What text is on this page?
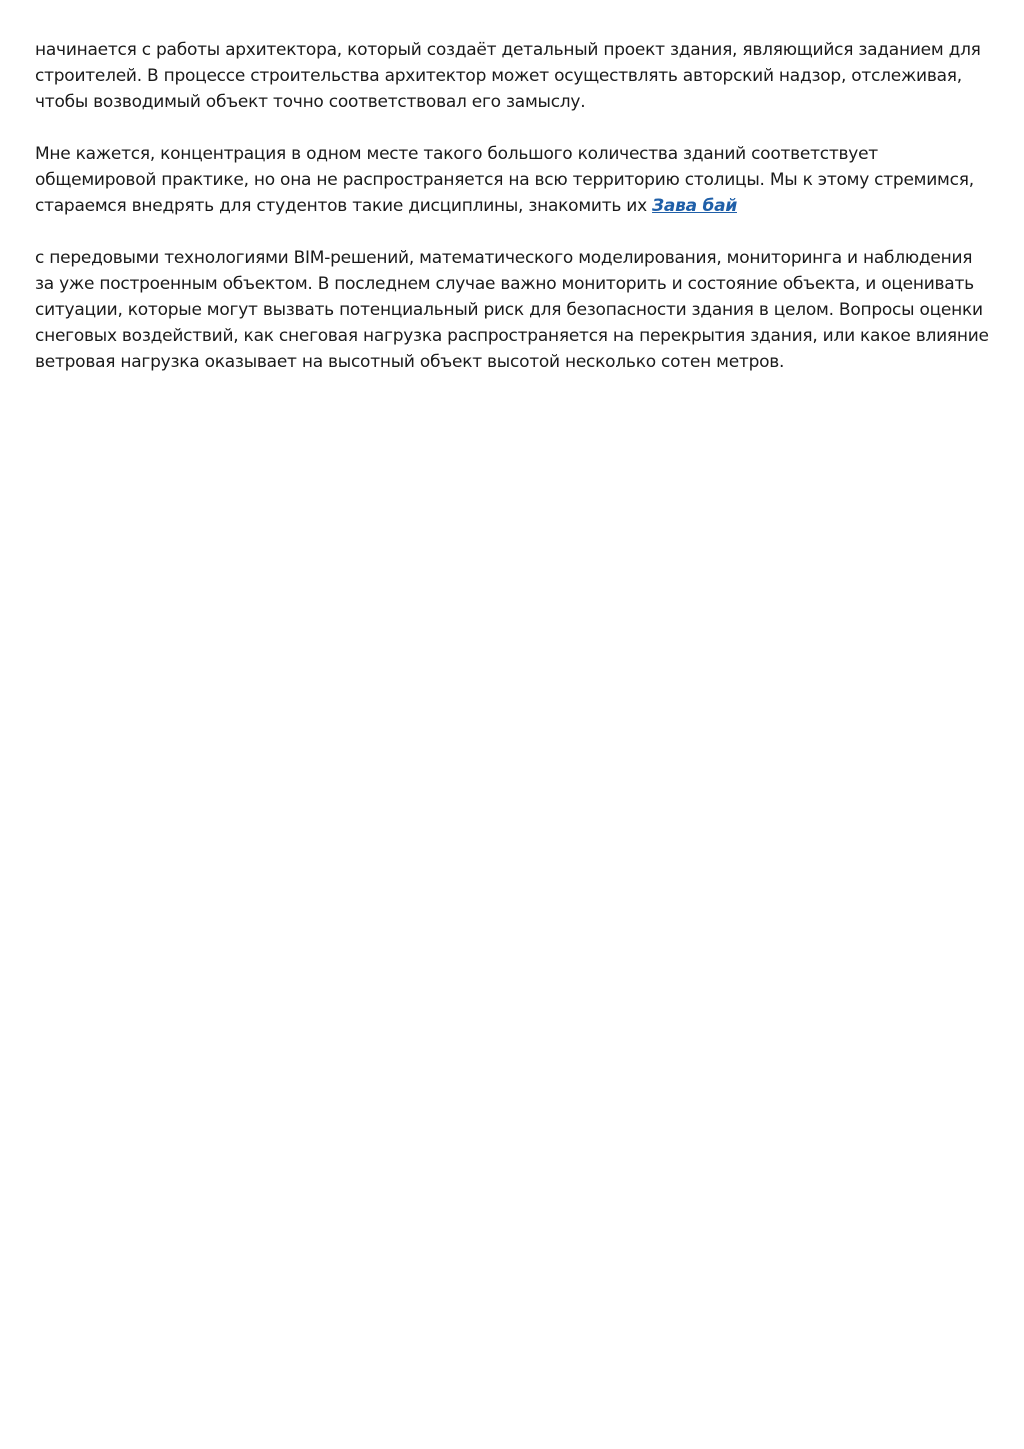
начинается с работы архитектора, который создаёт детальный проект здания, являющийся заданием для
строителей. В процессе строительства архитектор может осуществлять авторский надзор, отслеживая,
чтобы возводимый объект точно соответствовал его замыслу.

Мне кажется, концентрация в одном месте такого большого количества зданий соответствует
общемировой практике, но она не распространяется на всю территорию столицы. Мы к этому стремимся,
стараемся внедрять для студентов такие дисциплины, знакомить их Зава бай

с передовыми технологиями BIM-решений, математического моделирования, мониторинга и наблюдения
за уже построенным объектом. В последнем случае важно мониторить и состояние объекта, и оценивать
ситуации, которые могут вызвать потенциальный риск для безопасности здания в целом. Вопросы оценки
снеговых воздействий, как снеговая нагрузка распространяется на перекрытия здания, или какое влияние
ветровая нагрузка оказывает на высотный объект высотой несколько сотен метров.
